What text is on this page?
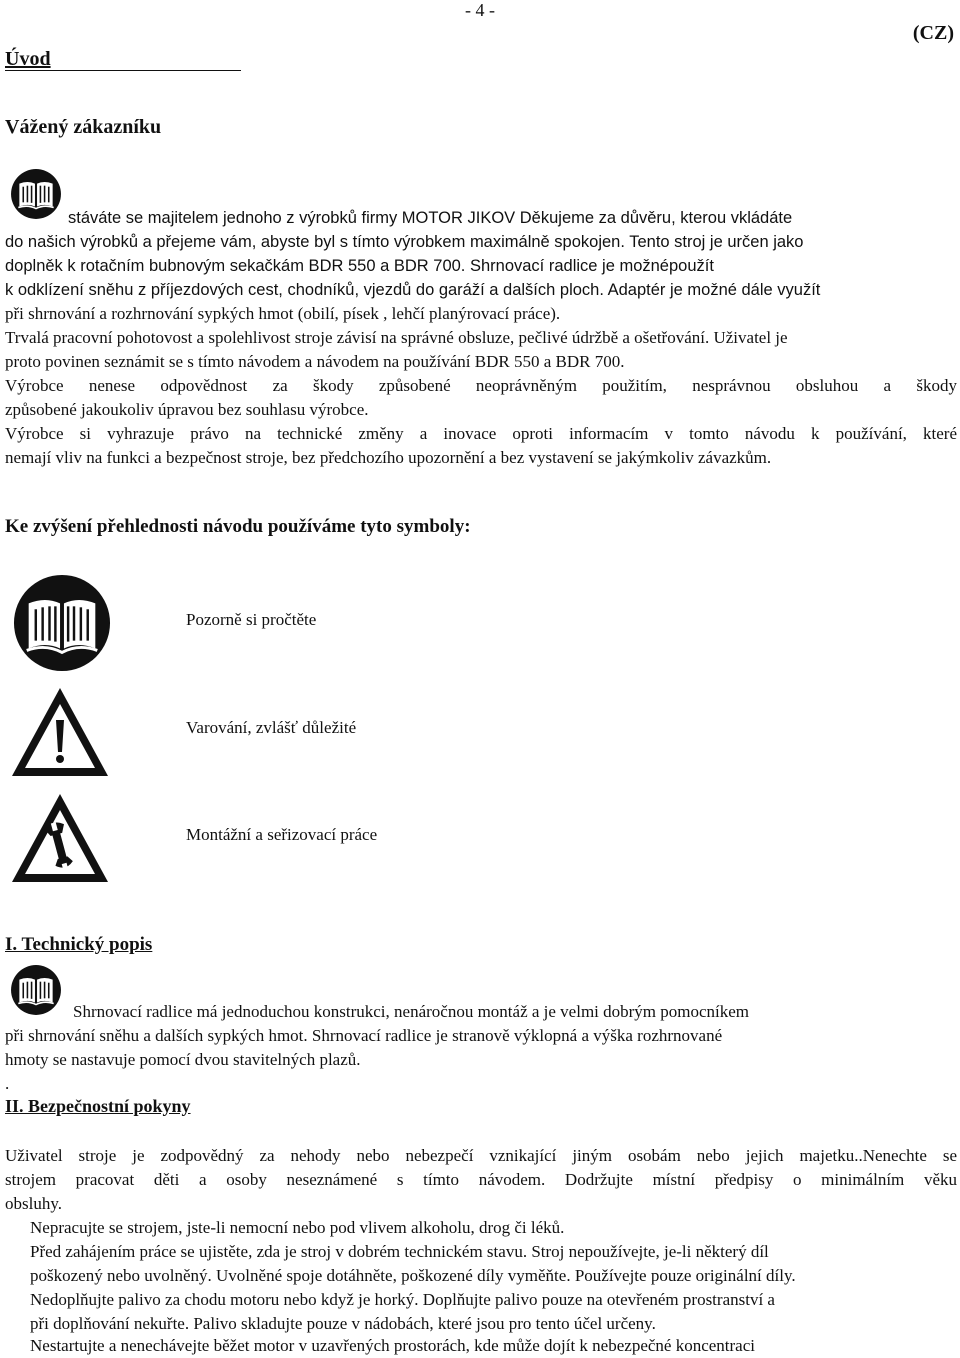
- 4 -
(CZ)
Úvod
Vážený zákazníku
stáváte se majitelem jednoho z výrobků firmy MOTOR JIKOV Děkujeme za důvěru, kterou vkládáte
do našich výrobků a přejeme vám, abyste byl s tímto výrobkem maximálně spokojen. Tento stroj je určen jako
doplněk k rotačním bubnovým sekačkám BDR 550 a BDR 700. Shrnovací radlice je možnépoužít
k odklízení sněhu z příjezdových cest, chodníků, vjezdů do garáží a dalších ploch. Adaptér je možné dále využít
při shrnování a rozhrnování sypkých hmot (obilí, písek , lehčí planýrovací práce).
Trvalá pracovní pohotovost a spolehlivost stroje závisí na správné obsluze, pečlivé údržbě a ošetřování. Uživatel je
proto povinen seznámit se s tímto návodem a návodem na používání BDR 550 a BDR 700.
Výrobce nenese odpovědnost za škody způsobené neoprávněným použitím, nesprávnou obsluhou a škody
způsobené jakoukoliv úpravou bez souhlasu výrobce.
Výrobce si vyhrazuje právo na technické změny a inovace oproti informacím v tomto návodu k používání, které
nemají vliv na funkci a bezpečnost stroje, bez předchozího upozornění a bez vystavení se jakýmkoliv závazkům.
Ke zvýšení přehlednosti návodu používáme tyto symboly:
Pozorně si pročtěte
Varování, zvlášť důležité
Montážní a seřizovací práce
I. Technický popis
Shrnovací radlice má jednoduchou konstrukci, nenáročnou montáž a je velmi dobrým pomocníkem
při shrnování sněhu a dalších sypkých hmot. Shrnovací radlice je stranově výklopná a výška rozhrnované
hmoty se nastavuje pomocí dvou stavitelných plazů.
.
II. Bezpečnostní pokyny
Uživatel stroje je zodpovědný za nehody nebo nebezpečí vznikající jiným osobám nebo jejich majetku..Nenechte se
strojem pracovat děti a osoby neseznámené s tímto návodem. Dodržujte místní předpisy o minimálním věku
obsluhy.
Nepracujte se strojem, jste-li nemocní nebo pod vlivem alkoholu, drog či léků.
Před zahájením práce se ujistěte, zda je stroj v dobrém technickém stavu. Stroj nepoužívejte, je-li některý díl
poškozený nebo uvolněný. Uvolněné spoje dotáhněte, poškozené díly vyměňte. Používejte pouze originální díly.
Nedoplňujte palivo za chodu motoru nebo když je horký. Doplňujte palivo pouze na otevřeném prostranství a
při doplňování nekuřte. Palivo skladujte pouze v nádobách, které jsou pro tento účel určeny.
Nestartujte a nenechávejte běžet motor v uzavřených prostorách, kde může dojít k nebezpečné koncentraci
